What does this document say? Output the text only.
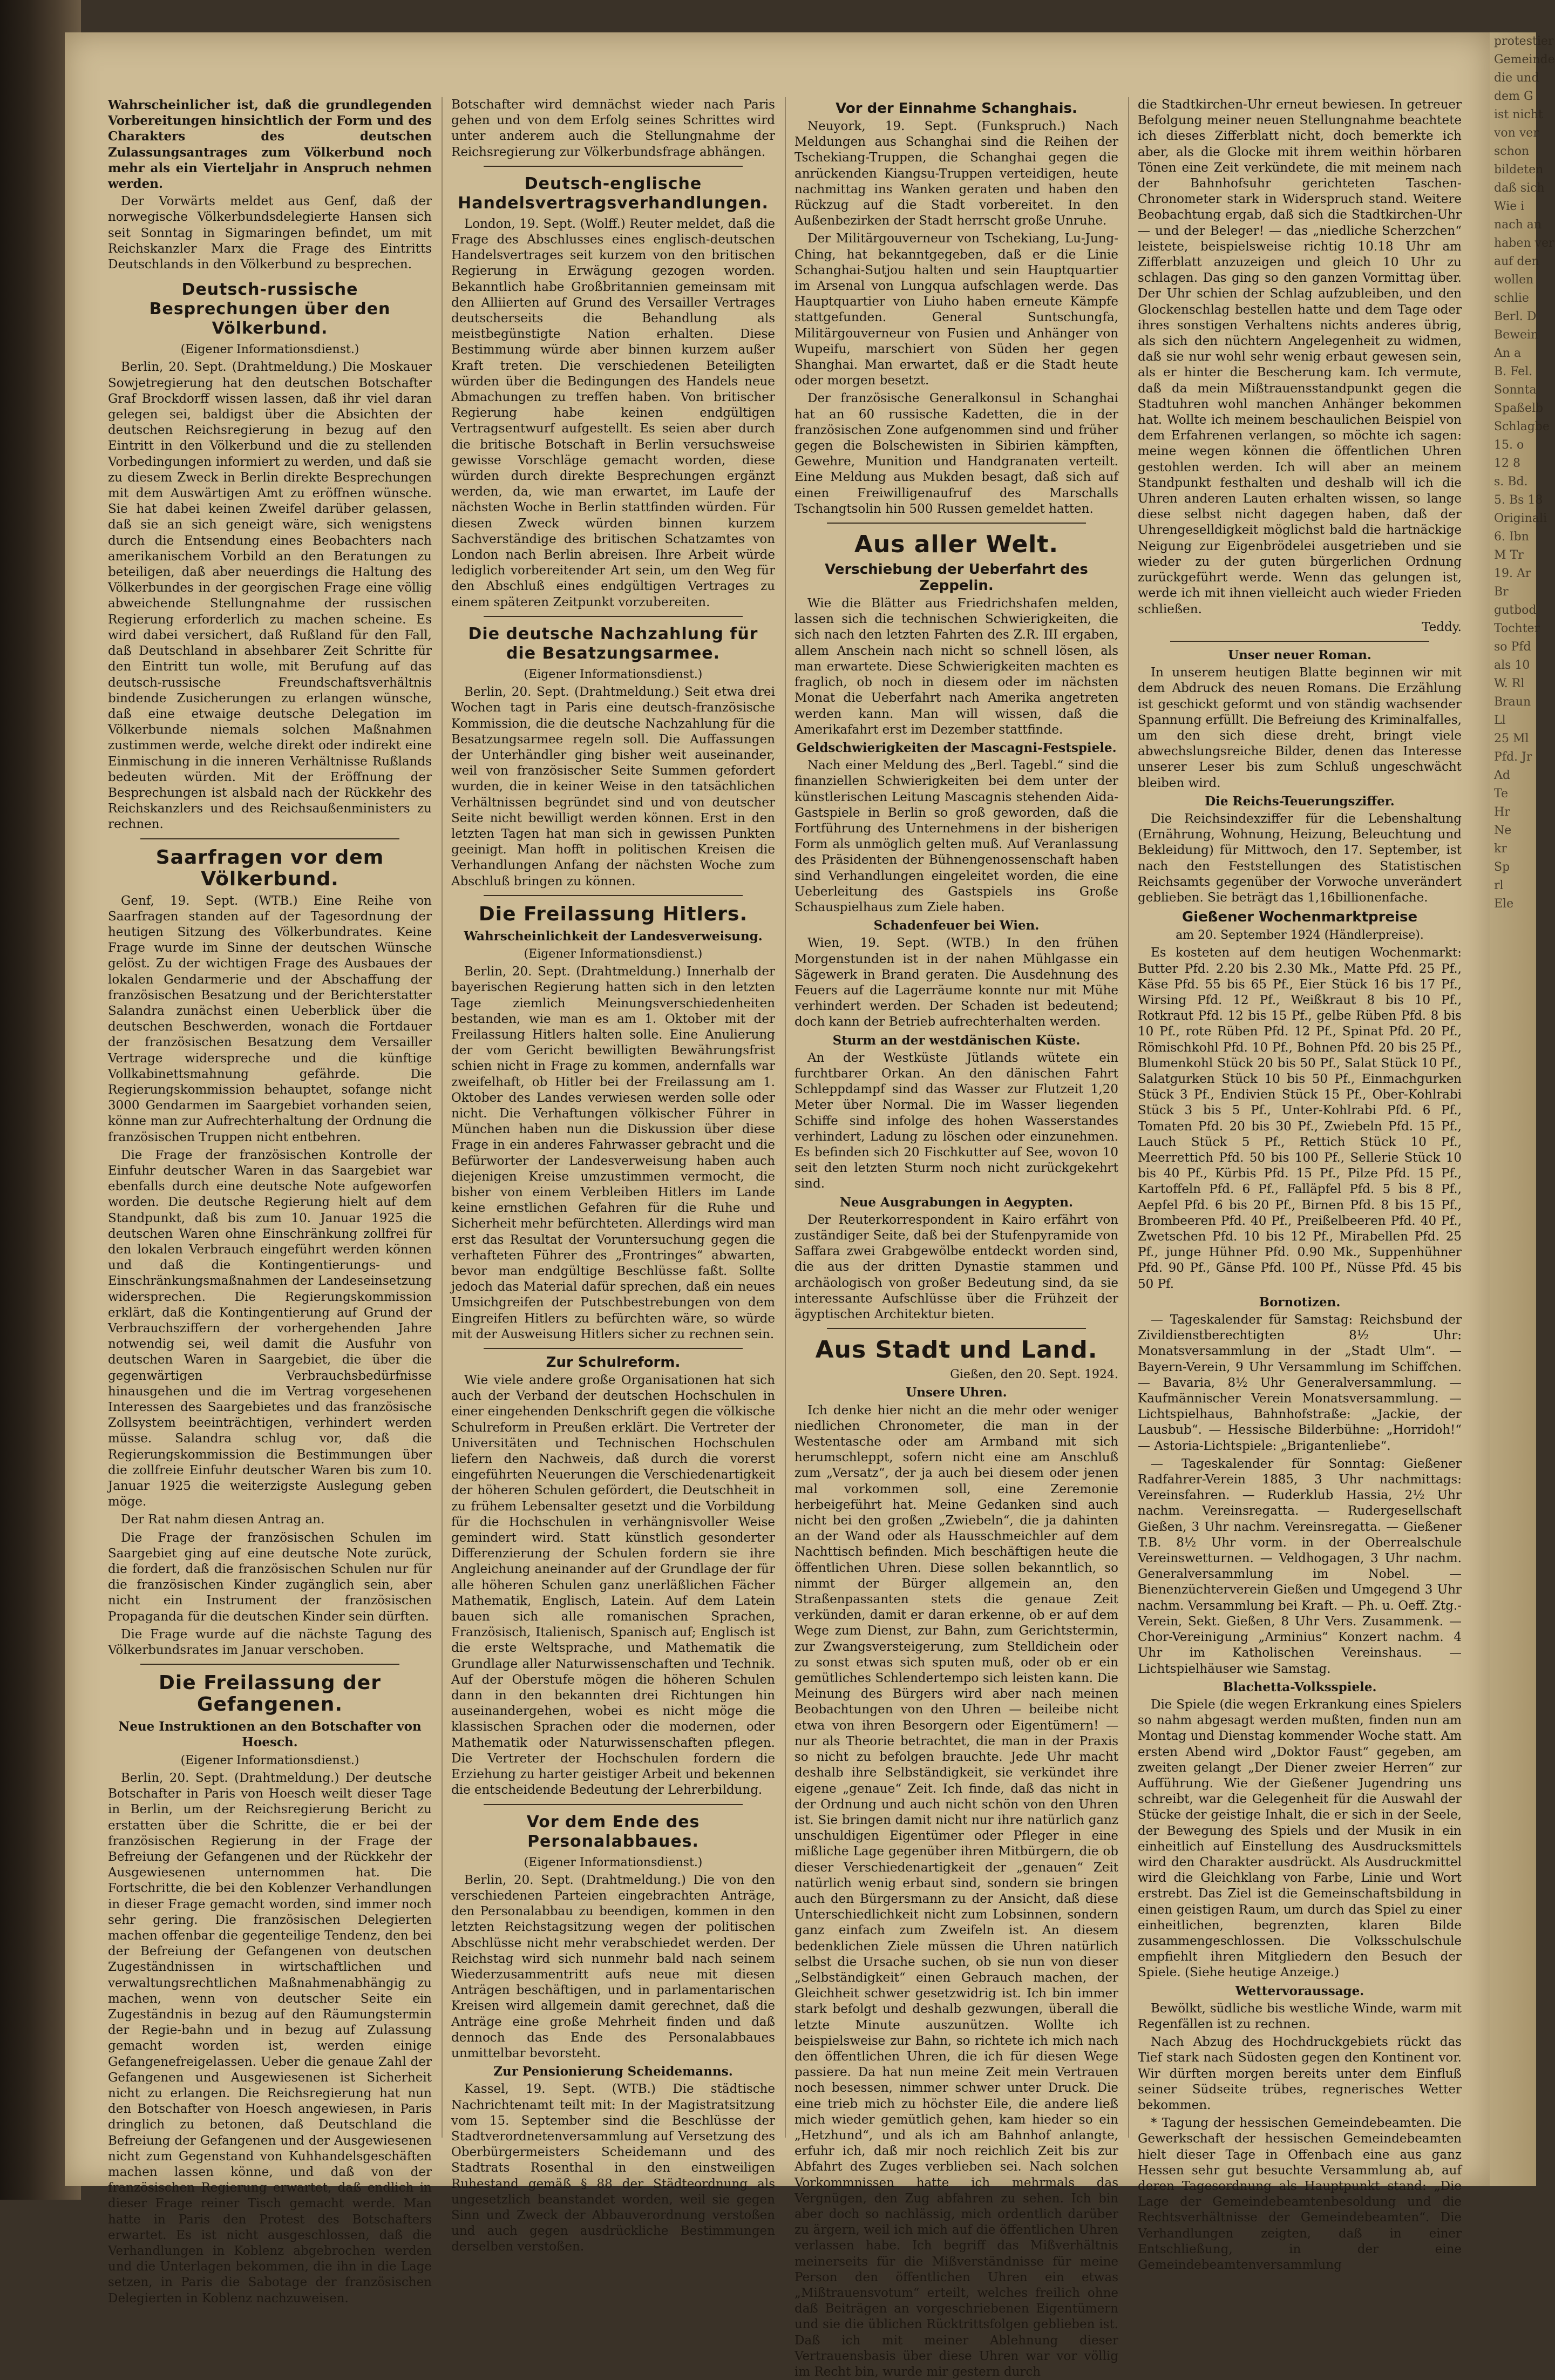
Wahrscheinlicher ist, daß die grundlegenden Vorbereitungen hinsichtlich der Form und des Charakters des deutschen Zulassungsantrages zum Völkerbund noch mehr als ein Vierteljahr in Anspruch nehmen werden.

Der Vorwärts meldet aus Genf, daß der norwegische Völkerbundsdelegierte Hansen sich seit Sonntag in Sigmaringen befindet, um mit Reichskanzler Marx die Frage des Eintritts Deutschlands in den Völkerbund zu besprechen.

Deutsch-russische Besprechungen über den Völkerbund.
(Eigener Informationsdienst.)

Berlin, 20. Sept. (Drahtmeldung.) Die Moskauer Sowjetregierung hat den deutschen Botschafter Graf Brockdorff wissen lassen, daß ihr viel daran gelegen sei, baldigst über die Absichten der deutschen Reichsregierung in bezug auf den Eintritt in den Völkerbund und die zu stellenden Vorbedingungen informiert zu werden, und daß sie zu diesem Zweck in Berlin direkte Besprechungen mit dem Auswärtigen Amt zu eröffnen wünsche. Sie hat dabei keinen Zweifel darüber gelassen, daß sie an sich geneigt wäre, sich wenigstens durch die Entsendung eines Beobachters nach amerikanischem Vorbild an den Beratungen zu beteiligen, daß aber neuerdings die Haltung des Völkerbundes in der georgischen Frage eine völlig abweichende Stellungnahme der russischen Regierung erforderlich zu machen scheine. Es wird dabei versichert, daß Rußland für den Fall, daß Deutschland in absehbarer Zeit Schritte für den Eintritt tun wolle, mit Berufung auf das deutsch-russische Freundschaftsverhältnis bindende Zusicherungen zu erlangen wünsche, daß eine etwaige deutsche Delegation im Völkerbunde niemals solchen Maßnahmen zustimmen werde, welche direkt oder indirekt eine Einmischung in die inneren Verhältnisse Rußlands bedeuten würden. Mit der Eröffnung der Besprechungen ist alsbald nach der Rückkehr des Reichskanzlers und des Reichsaußenministers zu rechnen.

Saarfragen vor dem Völkerbund.

Genf, 19. Sept. (WTB.) Eine Reihe von Saarfragen standen auf der Tagesordnung der heutigen Sitzung des Völkerbundrates. Keine Frage wurde im Sinne der deutschen Wünsche gelöst. Zu der wichtigen Frage des Ausbaues der lokalen Gendarmerie und der Abschaffung der französischen Besatzung und der Berichterstatter Salandra zunächst einen Ueberblick über die deutschen Beschwerden, wonach die Fortdauer der französischen Besatzung dem Versailler Vertrage widerspreche und die künftige Vollkabinettsmahnung gefährde. Die Regierungskommission behauptet, sofange nicht 3000 Gendarmen im Saargebiet vorhanden seien, könne man zur Aufrechterhaltung der Ordnung die französischen Truppen nicht entbehren.

Die Frage der französischen Kontrolle der Einfuhr deutscher Waren in das Saargebiet war ebenfalls durch eine deutsche Note aufgeworfen worden. Die deutsche Regierung hielt auf dem Standpunkt, daß bis zum 10. Januar 1925 die deutschen Waren ohne Einschränkung zollfrei für den lokalen Verbrauch eingeführt werden können und daß die Kontingentierungs- und Einschränkungsmaßnahmen der Landeseinsetzung widersprechen. Die Regierungskommission erklärt, daß die Kontingentierung auf Grund der Verbrauchsziffern der vorhergehenden Jahre notwendig sei, weil damit die Ausfuhr von deutschen Waren in Saargebiet, die über die gegenwärtigen Verbrauchsbedürfnisse hinausgehen und die im Vertrag vorgesehenen Interessen des Saargebietes und das französische Zollsystem beeinträchtigen, verhindert werden müsse. Salandra schlug vor, daß die Regierungskommission die Bestimmungen über die zollfreie Einfuhr deutscher Waren bis zum 10. Januar 1925 die weiterzigste Auslegung geben möge.

Der Rat nahm diesen Antrag an.

Die Frage der französischen Schulen im Saargebiet ging auf eine deutsche Note zurück, die fordert, daß die französischen Schulen nur für die französischen Kinder zugänglich sein, aber nicht ein Instrument der französischen Propaganda für die deutschen Kinder sein dürften.

Die Frage wurde auf die nächste Tagung des Völkerbundsrates im Januar verschoben.

Die Freilassung der Gefangenen.
Neue Instruktionen an den Botschafter von Hoesch.
(Eigener Informationsdienst.)

Berlin, 20. Sept. (Drahtmeldung.) Der deutsche Botschafter in Paris von Hoesch weilt dieser Tage in Berlin, um der Reichsregierung Bericht zu erstatten über die Schritte, die er bei der französischen Regierung in der Frage der Befreiung der Gefangenen und der Rückkehr der Ausgewiesenen unternommen hat. Die Fortschritte, die bei den Koblenzer Verhandlungen in dieser Frage gemacht worden, sind immer noch sehr gering. Die französischen Delegierten machen offenbar die gegenteilige Tendenz, den bei der Befreiung der Gefangenen von deutschen Zugeständnissen in wirtschaftlichen und verwaltungsrechtlichen Maßnahmenabhängig zu machen, wenn von deutscher Seite ein Zugeständnis in bezug auf den Räumungstermin der Regie-bahn und in bezug auf Zulassung gemacht worden ist, werden einige Gefangenefreigelassen. Ueber die genaue Zahl der Gefangenen und Ausgewiesenen ist Sicherheit nicht zu erlangen. Die Reichsregierung hat nun den Botschafter von Hoesch angewiesen, in Paris dringlich zu betonen, daß Deutschland die Befreiung der Gefangenen und der Ausgewiesenen nicht zum Gegenstand von Kuhhandelsgeschäften machen lassen könne, und daß von der französischen Regierung erwartet, daß endlich in dieser Frage reiner Tisch gemacht werde. Man hatte in Paris den Protest des Botschafters erwartet. Es ist nicht ausgeschlossen, daß die Verhandlungen in Koblenz abgebrochen werden und die Unterlagen bekommen, die ihn in die Lage setzen, in Paris die Sabotage der französischen Delegierten in Koblenz nachzuweisen.

Botschafter wird demnächst wieder nach Paris gehen und von dem Erfolg seines Schrittes wird unter anderem auch die Stellungnahme der Reichsregierung zur Völkerbundsfrage abhängen.

Deutsch-englische Handelsvertragsverhandlungen.

London, 19. Sept. (Wolff.) Reuter meldet, daß die Frage des Abschlusses eines englisch-deutschen Handelsvertrages seit kurzem von den britischen Regierung in Erwägung gezogen worden. Bekanntlich habe Großbritannien gemeinsam mit den Alliierten auf Grund des Versailler Vertrages deutscherseits die Behandlung als meistbegünstigte Nation erhalten. Diese Bestimmung würde aber binnen kurzem außer Kraft treten. Die verschiedenen Beteiligten würden über die Bedingungen des Handels neue Abmachungen zu treffen haben. Von britischer Regierung habe keinen endgültigen Vertragsentwurf aufgestellt. Es seien aber durch die britische Botschaft in Berlin versuchsweise gewisse Vorschläge gemacht worden, diese würden durch direkte Besprechungen ergänzt werden, da, wie man erwartet, im Laufe der nächsten Woche in Berlin stattfinden würden. Für diesen Zweck würden binnen kurzem Sachverständige des britischen Schatzamtes von London nach Berlin abreisen. Ihre Arbeit würde lediglich vorbereitender Art sein, um den Weg für den Abschluß eines endgültigen Vertrages zu einem späteren Zeitpunkt vorzubereiten.

Die deutsche Nachzahlung für die Besatzungsarmee.
(Eigener Informationsdienst.)

Berlin, 20. Sept. (Drahtmeldung.) Seit etwa drei Wochen tagt in Paris eine deutsch-französische Kommission, die die deutsche Nachzahlung für die Besatzungsarmee regeln soll. Die Auffassungen der Unterhändler ging bisher weit auseinander, weil von französischer Seite Summen gefordert wurden, die in keiner Weise in den tatsächlichen Verhältnissen begründet sind und von deutscher Seite nicht bewilligt werden können. Erst in den letzten Tagen hat man sich in gewissen Punkten geeinigt. Man hofft in politischen Kreisen die Verhandlungen Anfang der nächsten Woche zum Abschluß bringen zu können.

Die Freilassung Hitlers.
Wahrscheinlichkeit der Landesverweisung.
(Eigener Informationsdienst.)

Berlin, 20. Sept. (Drahtmeldung.) Innerhalb der bayerischen Regierung hatten sich in den letzten Tage ziemlich Meinungsverschiedenheiten bestanden, wie man es am 1. Oktober mit der Freilassung Hitlers halten solle. Eine Anulierung der vom Gericht bewilligten Bewährungsfrist schien nicht in Frage zu kommen, andernfalls war zweifelhaft, ob Hitler bei der Freilassung am 1. Oktober des Landes verwiesen werden solle oder nicht. Die Verhaftungen völkischer Führer in München haben nun die Diskussion über diese Frage in ein anderes Fahrwasser gebracht und die Befürworter der Landesverweisung haben auch diejenigen Kreise umzustimmen vermocht, die bisher von einem Verbleiben Hitlers im Lande keine ernstlichen Gefahren für die Ruhe und Sicherheit mehr befürchteten. Allerdings wird man erst das Resultat der Voruntersuchung gegen die verhafteten Führer des „Frontringes“ abwarten, bevor man endgültige Beschlüsse faßt. Sollte jedoch das Material dafür sprechen, daß ein neues Umsichgreifen der Putschbestrebungen von dem Eingreifen Hitlers zu befürchten wäre, so würde mit der Ausweisung Hitlers sicher zu rechnen sein.

Zur Schulreform.

Wie viele andere große Organisationen hat sich auch der Verband der deutschen Hochschulen in einer eingehenden Denkschrift gegen die völkische Schulreform in Preußen erklärt. Die Vertreter der Universitäten und Technischen Hochschulen liefern den Nachweis, daß durch die vorerst eingeführten Neuerungen die Verschiedenartigkeit der höheren Schulen gefördert, die Deutschheit in zu frühem Lebensalter gesetzt und die Vorbildung für die Hochschulen in verhängnisvoller Weise gemindert wird. Statt künstlich gesonderter Differenzierung der Schulen fordern sie ihre Angleichung aneinander auf der Grundlage der für alle höheren Schulen ganz unerläßlichen Fächer Mathematik, Englisch, Latein. Auf dem Latein bauen sich alle romanischen Sprachen, Französisch, Italienisch, Spanisch auf; Englisch ist die erste Weltsprache, und Mathematik die Grundlage aller Naturwissenschaften und Technik. Auf der Oberstufe mögen die höheren Schulen dann in den bekannten drei Richtungen hin auseinandergehen, wobei es nicht möge die klassischen Sprachen oder die modernen, oder Mathematik oder Naturwissenschaften pflegen. Die Vertreter der Hochschulen fordern die Erziehung zu harter geistiger Arbeit und bekennen die entscheidende Bedeutung der Lehrerbildung.

Vor dem Ende des Personalabbaues.
(Eigener Informationsdienst.)

Berlin, 20. Sept. (Drahtmeldung.) Die von den verschiedenen Parteien eingebrachten Anträge, den Personalabbau zu beendigen, kommen in den letzten Reichstagsitzung wegen der politischen Abschlüsse nicht mehr verabschiedet werden. Der Reichstag wird sich nunmehr bald nach seinem Wiederzusammentritt aufs neue mit diesen Anträgen beschäftigen, und in parlamentarischen Kreisen wird allgemein damit gerechnet, daß die Anträge eine große Mehrheit finden und daß dennoch das Ende des Personalabbaues unmittelbar bevorsteht.

Zur Pensionierung Scheidemanns.

Kassel, 19. Sept. (WTB.) Die städtische Nachrichtenamt teilt mit: In der Magistratsitzung vom 15. September sind die Beschlüsse der Stadtverordnetenversammlung auf Versetzung des Oberbürgermeisters Scheidemann und des Stadtrats Rosenthal in den einstweiligen Ruhestand gemäß § 88 der Städteordnung als ungesetzlich beanstandet worden, weil sie gegen Sinn und Zweck der Abbauverordnung verstoßen und auch gegen ausdrückliche Bestimmungen derselben verstoßen.

Vor der Einnahme Schanghais.

Neuyork, 19. Sept. (Funkspruch.) Nach Meldungen aus Schanghai sind die Reihen der Tschekiang-Truppen, die Schanghai gegen die anrückenden Kiangsu-Truppen verteidigen, heute nachmittag ins Wanken geraten und haben den Rückzug auf die Stadt vorbereitet. In den Außenbezirken der Stadt herrscht große Unruhe.

Der Militärgouverneur von Tschekiang, Lu-Jung-Ching, hat bekanntgegeben, daß er die Linie Schanghai-Sutjou halten und sein Hauptquartier im Arsenal von Lungqua aufschlagen werde. Das Hauptquartier von Liuho haben erneute Kämpfe stattgefunden. General Suntschungfa, Militärgouverneur von Fusien und Anhänger von Wupeifu, marschiert von Süden her gegen Shanghai. Man erwartet, daß er die Stadt heute oder morgen besetzt.

Der französische Generalkonsul in Schanghai hat an 60 russische Kadetten, die in der französischen Zone aufgenommen sind und früher gegen die Bolschewisten in Sibirien kämpften, Gewehre, Munition und Handgranaten verteilt. Eine Meldung aus Mukden besagt, daß sich auf einen Freiwilligenaufruf des Marschalls Tschangtsolin hin 500 Russen gemeldet hatten.

Aus aller Welt.
Verschiebung der Ueberfahrt des Zeppelin.

Wie die Blätter aus Friedrichshafen melden, lassen sich die technischen Schwierigkeiten, die sich nach den letzten Fahrten des Z.R. III ergaben, allem Anschein nach nicht so schnell lösen, als man erwartete. Diese Schwierigkeiten machten es fraglich, ob noch in diesem oder im nächsten Monat die Ueberfahrt nach Amerika angetreten werden kann. Man will wissen, daß die Amerikafahrt erst im Dezember stattfinde.

Geldschwierigkeiten der Mascagni-Festspiele.

Nach einer Meldung des „Berl. Tagebl.“ sind die finanziellen Schwierigkeiten bei dem unter der künstlerischen Leitung Mascagnis stehenden Aida-Gastspiele in Berlin so groß geworden, daß die Fortführung des Unternehmens in der bisherigen Form als unmöglich gelten muß. Auf Veranlassung des Präsidenten der Bühnengenossenschaft haben sind Verhandlungen eingeleitet worden, die eine Ueberleitung des Gastspiels ins Große Schauspielhaus zum Ziele haben.

Schadenfeuer bei Wien.

Wien, 19. Sept. (WTB.) In den frühen Morgenstunden ist in der nahen Mühlgasse ein Sägewerk in Brand geraten. Die Ausdehnung des Feuers auf die Lagerräume konnte nur mit Mühe verhindert werden. Der Schaden ist bedeutend; doch kann der Betrieb aufrechterhalten werden.

Sturm an der westdänischen Küste.

An der Westküste Jütlands wütete ein furchtbarer Orkan. An den dänischen Fahrt Schleppdampf sind das Wasser zur Flutzeit 1,20 Meter über Normal. Die im Wasser liegenden Schiffe sind infolge des hohen Wasserstandes verhindert, Ladung zu löschen oder einzunehmen. Es befinden sich 20 Fischkutter auf See, wovon 10 seit den letzten Sturm noch nicht zurückgekehrt sind.

Neue Ausgrabungen in Aegypten.

Der Reuterkorrespondent in Kairo erfährt von zuständiger Seite, daß bei der Stufenpyramide von Saffara zwei Grabgewölbe entdeckt worden sind, die aus der dritten Dynastie stammen und archäologisch von großer Bedeutung sind, da sie interessante Aufschlüsse über die Frühzeit der ägyptischen Architektur bieten.

Aus Stadt und Land.
Gießen, den 20. Sept. 1924.
Unsere Uhren.

Ich denke hier nicht an die mehr oder weniger niedlichen Chronometer, die man in der Westentasche oder am Armband mit sich herumschleppt, sofern nicht eine am Anschluß zum „Versatz“, der ja auch bei diesem oder jenen mal vorkommen soll, eine Zeremonie herbeigeführt hat. Meine Gedanken sind auch nicht bei den großen „Zwiebeln“, die ja dahinten an der Wand oder als Hausschmeichler auf dem Nachttisch befinden. Mich beschäftigen heute die öffentlichen Uhren. Diese sollen bekanntlich, so nimmt der Bürger allgemein an, den Straßenpassanten stets die genaue Zeit verkünden, damit er daran erkenne, ob er auf dem Wege zum Dienst, zur Bahn, zum Gerichtstermin, zur Zwangsversteigerung, zum Stelldichein oder zu sonst etwas sich sputen muß, oder ob er ein gemütliches Schlendertempo sich leisten kann. Die Meinung des Bürgers wird aber nach meinen Beobachtungen von den Uhren — beileibe nicht etwa von ihren Besorgern oder Eigentümern! — nur als Theorie betrachtet, die man in der Praxis so nicht zu befolgen brauchte. Jede Uhr macht deshalb ihre Selbständigkeit, sie verkündet ihre eigene „genaue“ Zeit. Ich finde, daß das nicht in der Ordnung und auch nicht schön von den Uhren ist. Sie bringen damit nicht nur ihre natürlich ganz unschuldigen Eigentümer oder Pfleger in eine mißliche Lage gegenüber ihren Mitbürgern, die ob dieser Verschiedenartigkeit der „genauen“ Zeit natürlich wenig erbaut sind, sondern sie bringen auch den Bürgersmann zu der Ansicht, daß diese Unterschiedlichkeit nicht zum Lobsinnen, sondern ganz einfach zum Zweifeln ist. An diesem bedenklichen Ziele müssen die Uhren natürlich selbst die Ursache suchen, ob sie nun von dieser „Selbständigkeit“ einen Gebrauch machen, der Gleichheit schwer gesetzwidrig ist. Ich bin immer stark befolgt und deshalb gezwungen, überall die letzte Minute auszunützen. Wollte ich beispielsweise zur Bahn, so richtete ich mich nach den öffentlichen Uhren, die ich für diesen Wege passiere. Da hat nun meine Zeit mein Vertrauen noch besessen, nimmer schwer unter Druck. Die eine trieb mich zu höchster Eile, die andere ließ mich wieder gemütlich gehen, kam hieder so ein „Hetzhund“, und als ich am Bahnhof anlangte, erfuhr ich, daß mir noch reichlich Zeit bis zur Abfahrt des Zuges verblieben sei. Nach solchen Vorkommnissen hatte ich mehrmals das Vergnügen, den Zug abfahren zu sehen. Ich bin aber doch so nachlässig, mich ordentlich darüber zu ärgern, weil ich mich auf die öffentlichen Uhren verlassen habe. Ich begriff das Mißverhältnis meinerseits für die Mißverständnisse für meine Person den öffentlichen Uhren ein etwas „Mißtrauensvotum“ erteilt, welches freilich ohne daß Beiträgen an vorgeschriebenen Eigentümern und sie die üblichen Rücktrittsfolgen geblieben ist. Daß ich mit meiner Ablehnung dieser Vertrauensbasis über diese Uhren war vor völlig im Recht bin, wurde mir gestern durch

die Stadtkirchen-Uhr erneut bewiesen. In getreuer Befolgung meiner neuen Stellungnahme beachtete ich dieses Zifferblatt nicht, doch bemerkte ich aber, als die Glocke mit ihrem weithin hörbaren Tönen eine Zeit verkündete, die mit meinem nach der Bahnhofsuhr gerichteten Taschen-Chronometer stark in Widerspruch stand. Weitere Beobachtung ergab, daß sich die Stadtkirchen-Uhr — und der Beleger! — das „niedliche Scherzchen“ leistete, beispielsweise richtig 10.18 Uhr am Zifferblatt anzuzeigen und gleich 10 Uhr zu schlagen. Das ging so den ganzen Vormittag über. Der Uhr schien der Schlag aufzubleiben, und den Glockenschlag bestellen hatte und dem Tage oder ihres sonstigen Verhaltens nichts anderes übrig, als sich den nüchtern Angelegenheit zu widmen, daß sie nur wohl sehr wenig erbaut gewesen sein, als er hinter die Bescherung kam. Ich vermute, daß da mein Mißtrauensstandpunkt gegen die Stadtuhren wohl manchen Anhänger bekommen hat. Wollte ich meinem beschaulichen Beispiel von dem Erfahrenen verlangen, so möchte ich sagen: meine wegen können die öffentlichen Uhren gestohlen werden. Ich will aber an meinem Standpunkt festhalten und deshalb will ich die Uhren anderen Lauten erhalten wissen, so lange diese selbst nicht dagegen haben, daß der Uhrengeselldigkeit möglichst bald die hartnäckige Neigung zur Eigenbrödelei ausgetrieben und sie wieder zu der guten bürgerlichen Ordnung zurückgeführt werde. Wenn das gelungen ist, werde ich mit ihnen vielleicht auch wieder Frieden schließen.

Teddy.

Unser neuer Roman.

In unserem heutigen Blatte beginnen wir mit dem Abdruck des neuen Romans. Die Erzählung ist geschickt geformt und von ständig wachsender Spannung erfüllt. Die Befreiung des Kriminalfalles, um den sich diese dreht, bringt viele abwechslungsreiche Bilder, denen das Interesse unserer Leser bis zum Schluß ungeschwächt bleiben wird.

Die Reichs-Teuerungsziffer.

Die Reichsindexziffer für die Lebenshaltung (Ernährung, Wohnung, Heizung, Beleuchtung und Bekleidung) für Mittwoch, den 17. September, ist nach den Feststellungen des Statistischen Reichsamts gegenüber der Vorwoche unverändert geblieben. Sie beträgt das 1,16billionenfache.

Gießener Wochenmarktpreise
am 20. September 1924 (Händlerpreise).

Es kosteten auf dem heutigen Wochenmarkt: Butter Pfd. 2.20 bis 2.30 Mk., Matte Pfd. 25 Pf., Käse Pfd. 55 bis 65 Pf., Eier Stück 16 bis 17 Pf., Wirsing Pfd. 12 Pf., Weißkraut 8 bis 10 Pf., Rotkraut Pfd. 12 bis 15 Pf., gelbe Rüben Pfd. 8 bis 10 Pf., rote Rüben Pfd. 12 Pf., Spinat Pfd. 20 Pf., Römischkohl Pfd. 10 Pf., Bohnen Pfd. 20 bis 25 Pf., Blumenkohl Stück 20 bis 50 Pf., Salat Stück 10 Pf., Salatgurken Stück 10 bis 50 Pf., Einmachgurken Stück 3 Pf., Endivien Stück 15 Pf., Ober-Kohlrabi Stück 3 bis 5 Pf., Unter-Kohlrabi Pfd. 6 Pf., Tomaten Pfd. 20 bis 30 Pf., Zwiebeln Pfd. 15 Pf., Lauch Stück 5 Pf., Rettich Stück 10 Pf., Meerrettich Pfd. 50 bis 100 Pf., Sellerie Stück 10 bis 40 Pf., Kürbis Pfd. 15 Pf., Pilze Pfd. 15 Pf., Kartoffeln Pfd. 6 Pf., Falläpfel Pfd. 5 bis 8 Pf., Aepfel Pfd. 6 bis 20 Pf., Birnen Pfd. 8 bis 15 Pf., Brombeeren Pfd. 40 Pf., Preißelbeeren Pfd. 40 Pf., Zwetschen Pfd. 10 bis 12 Pf., Mirabellen Pfd. 25 Pf., junge Hühner Pfd. 0.90 Mk., Suppenhühner Pfd. 90 Pf., Gänse Pfd. 100 Pf., Nüsse Pfd. 45 bis 50 Pf.

Bornotizen.

— Tageskalender für Samstag: Reichsbund der Zivildienstberechtigten 8½ Uhr: Monatsversammlung in der „Stadt Ulm“. — Bayern-Verein, 9 Uhr Versammlung im Schiffchen. — Bavaria, 8½ Uhr Generalversammlung. — Kaufmännischer Verein Monatsversammlung. — Lichtspielhaus, Bahnhofstraße: „Jackie, der Lausbub“. — Hessische Bilderbühne: „Horridoh!“ — Astoria-Lichtspiele: „Brigantenliebe“.

— Tageskalender für Sonntag: Gießener Radfahrer-Verein 1885, 3 Uhr nachmittags: Vereinsfahren. — Ruderklub Hassia, 2½ Uhr nachm. Vereinsregatta. — Rudergesellschaft Gießen, 3 Uhr nachm. Vereinsregatta. — Gießener T.B. 8½ Uhr vorm. in der Oberrealschule Vereinswetturnen. — Veldhogagen, 3 Uhr nachm. Generalversammlung im Nobel. — Bienenzüchterverein Gießen und Umgegend 3 Uhr nachm. Versammlung bei Kraft. — Ph. u. Oeff. Ztg.-Verein, Sekt. Gießen, 8 Uhr Vers. Zusammenk. — Chor-Vereinigung „Arminius“ Konzert nachm. 4 Uhr im Katholischen Vereinshaus. — Lichtspielhäuser wie Samstag.

Blachetta-Volksspiele.

Die Spiele (die wegen Erkrankung eines Spielers so nahm abgesagt werden mußten, finden nun am Montag und Dienstag kommender Woche statt. Am ersten Abend wird „Doktor Faust“ gegeben, am zweiten gelangt „Der Diener zweier Herren“ zur Aufführung. Wie der Gießener Jugendring uns schreibt, war die Gelegenheit für die Auswahl der Stücke der geistige Inhalt, die er sich in der Seele, der Bewegung des Spiels und der Musik in ein einheitlich auf Einstellung des Ausdrucksmittels wird den Charakter ausdrückt. Als Ausdruckmittel wird die Gleichklang von Farbe, Linie und Wort erstrebt. Das Ziel ist die Gemeinschaftsbildung in einen geistigen Raum, um durch das Spiel zu einer einheitlichen, begrenzten, klaren Bilde zusammengeschlossen. Die Volksschulschule empfiehlt ihren Mitgliedern den Besuch der Spiele. (Siehe heutige Anzeige.)

Wettervoraussage.

Bewölkt, südliche bis westliche Winde, warm mit Regenfällen ist zu rechnen.

Nach Abzug des Hochdruckgebiets rückt das Tief stark nach Südosten gegen den Kontinent vor. Wir dürften morgen bereits unter dem Einfluß seiner Südseite trübes, regnerisches Wetter bekommen.

* Tagung der hessischen Gemeindebeamten. Die Gewerkschaft der hessischen Gemeindebeamten hielt dieser Tage in Offenbach eine aus ganz Hessen sehr gut besuchte Versammlung ab, auf deren Tagesordnung als Hauptpunkt stand: „Die Lage der Gemeindebeamtenbesoldung und die Rechtsverhältnisse der Gemeindebeamten“. Die Verhandlungen zeigten, daß in einer Entschließung, in der eine Gemeindebeamtenversammlung

protestier
Gemeinde
die und
dem G
ist nicht
von ver
schon
bildeten
daß sich
Wie i
nach an
haben ver
auf den
wollen
schlie
Berl. D
Bewein
An a
B. Fel.
Sonnta
Spaßelb
Schlagbe
15. o
12 8
s. Bd.
5. Bs 18
Originali
6. Ibn
M Tr
19. Ar
Br
gutbod
Tochter
so Pfd
als 10
W. Rl
Braun
Ll
25 Ml
Pfd. Jr
Ad
Te
Hr
Ne
kr
Sp
rl
Ele
